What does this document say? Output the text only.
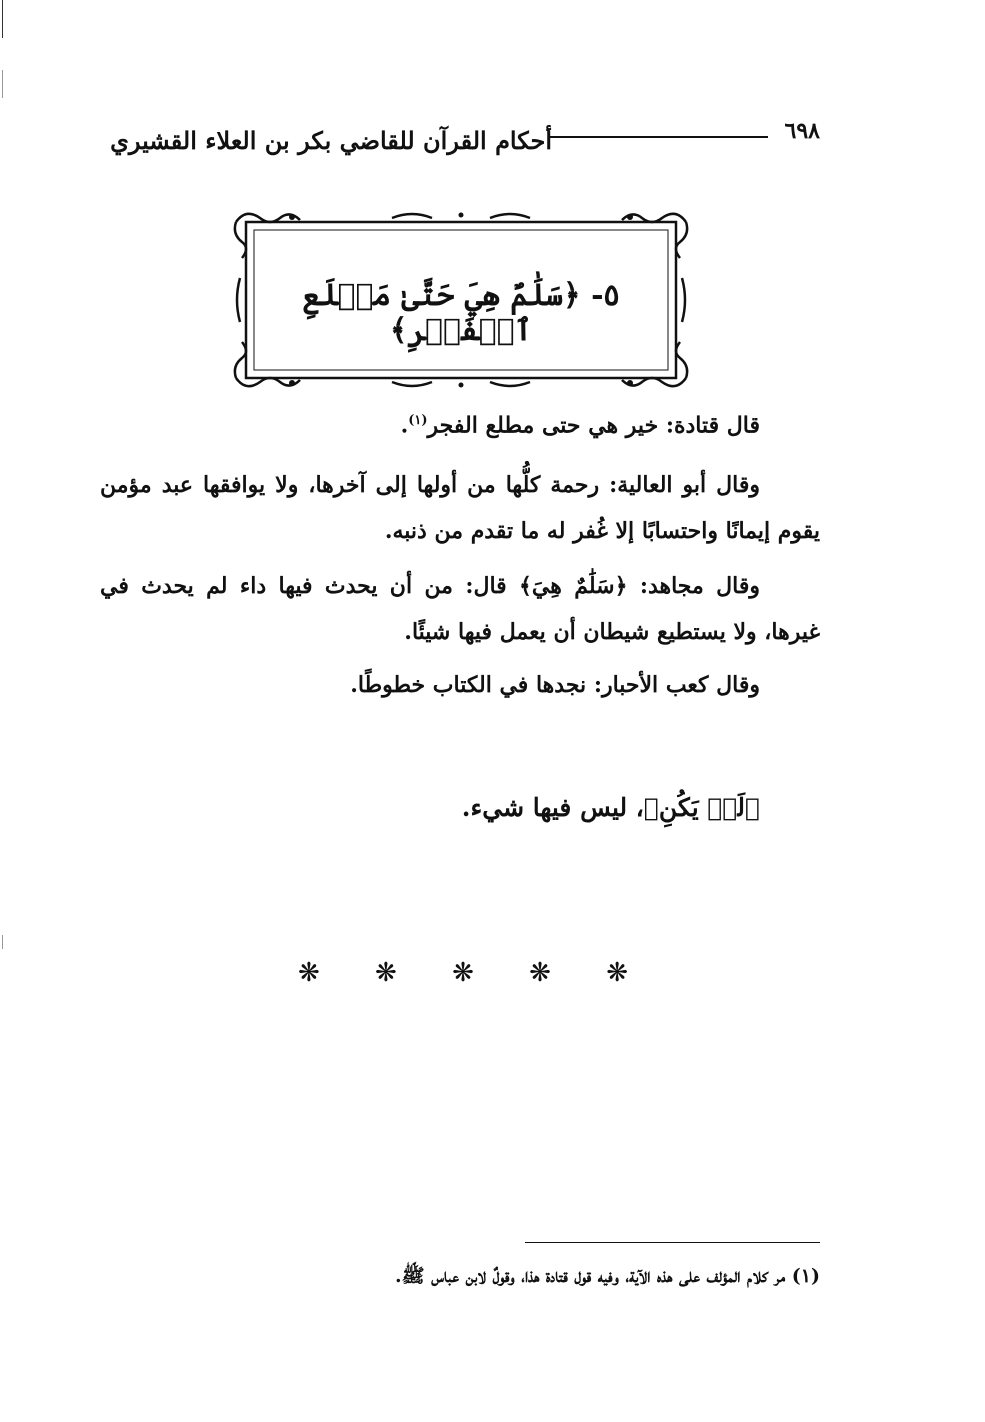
٦٩٨
أحكام القرآن للقاضي بكر بن العلاء القشيري
٥- ﴿سَلَٰمٌ هِيَ حَتَّىٰ مَطۡلَعِ ٱلۡفَجۡرِ﴾

قال قتادة: خير هي حتى مطلع الفجر$^{(١)}$.

وقال أبو العالية: رحمة كلُّها من أولها إلى آخرها، ولا يوافقها عبد مؤمن يقوم إيمانًا واحتسابًا إلا غُفر له ما تقدم من ذنبه.

وقال مجاهد: ﴿سَلَٰمٌ هِيَ﴾ قال: من أن يحدث فيها داء لم يحدث في غيرها، ولا يستطيع شيطان أن يعمل فيها شيئًا.

وقال كعب الأحبار: نجدها في الكتاب خطوطًا.

﴿لَمۡ يَكُنِ﴾، ليس فيها شيء.
❋ ❋ ❋ ❋ ❋
(١) مر كلام المؤلف على هذه الآية، وفيه قول قتادة هذا، وقولٌ لابن عباس ﷺ.
